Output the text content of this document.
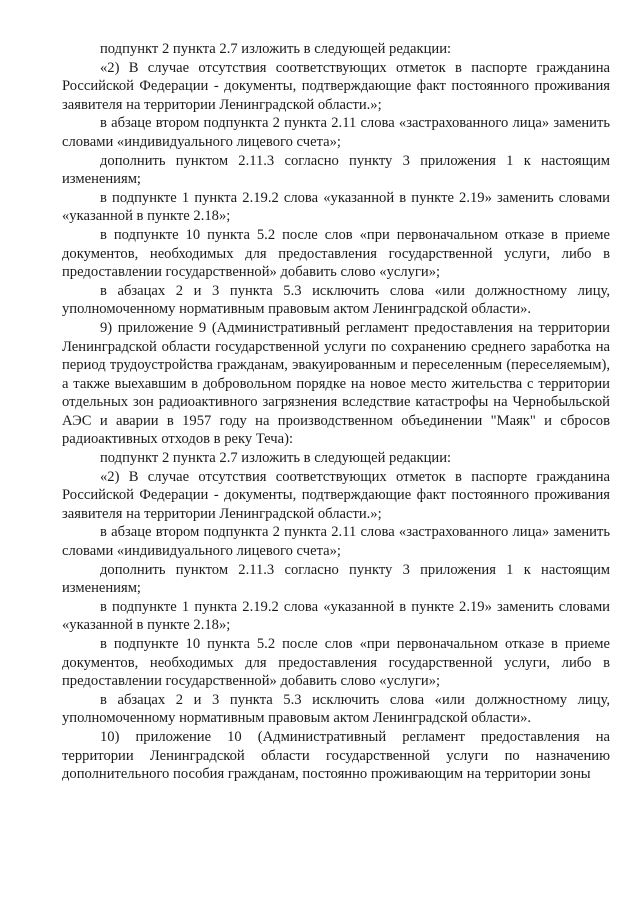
подпункт 2 пункта 2.7 изложить в следующей редакции:

«2) В случае отсутствия соответствующих отметок в паспорте гражданина Российской Федерации - документы, подтверждающие факт постоянного проживания заявителя на территории Ленинградской области.»;

в абзаце втором подпункта 2 пункта 2.11 слова «застрахованного лица» заменить словами «индивидуального лицевого счета»;

дополнить пунктом 2.11.3 согласно пункту 3 приложения 1 к настоящим изменениям;

в подпункте 1 пункта 2.19.2 слова «указанной в пункте 2.19» заменить словами «указанной в пункте 2.18»;

в подпункте 10 пункта 5.2 после слов «при первоначальном отказе в приеме документов, необходимых для предоставления государственной услуги, либо в предоставлении государственной» добавить слово «услуги»;

в абзацах 2 и 3 пункта 5.3 исключить слова «или должностному лицу, уполномоченному нормативным правовым актом Ленинградской области».

9) приложение 9 (Административный регламент предоставления на территории Ленинградской области государственной услуги по сохранению среднего заработка на период трудоустройства гражданам, эвакуированным и переселенным (переселяемым), а также выехавшим в добровольном порядке на новое место жительства с территории отдельных зон радиоактивного загрязнения вследствие катастрофы на Чернобыльской АЭС и аварии в 1957 году на производственном объединении "Маяк" и сбросов радиоактивных отходов в реку Теча):

подпункт 2 пункта 2.7 изложить в следующей редакции:

«2) В случае отсутствия соответствующих отметок в паспорте гражданина Российской Федерации - документы, подтверждающие факт постоянного проживания заявителя на территории Ленинградской области.»;

в абзаце втором подпункта 2 пункта 2.11 слова «застрахованного лица» заменить словами «индивидуального лицевого счета»;

дополнить пунктом 2.11.3 согласно пункту 3 приложения 1 к настоящим изменениям;

в подпункте 1 пункта 2.19.2 слова «указанной в пункте 2.19» заменить словами «указанной в пункте 2.18»;

в подпункте 10 пункта 5.2 после слов «при первоначальном отказе в приеме документов, необходимых для предоставления государственной услуги, либо в предоставлении государственной» добавить слово «услуги»;

в абзацах 2 и 3 пункта 5.3 исключить слова «или должностному лицу, уполномоченному нормативным правовым актом Ленинградской области».

10) приложение 10 (Административный регламент предоставления на территории Ленинградской области государственной услуги по назначению дополнительного пособия гражданам, постоянно проживающим на территории зоны
